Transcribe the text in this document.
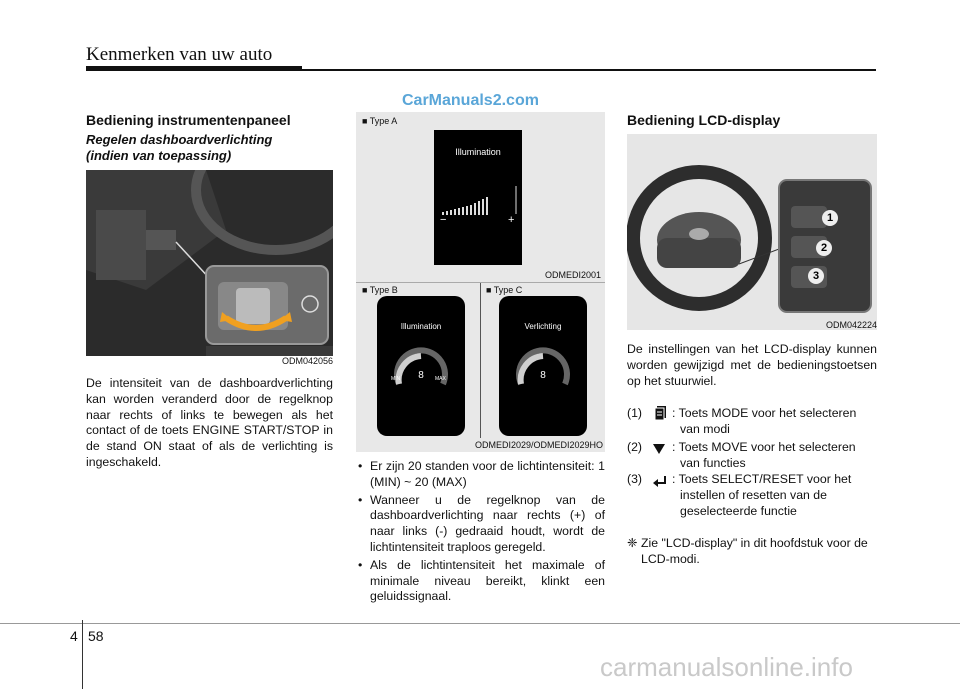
Kenmerken van uw auto
CarManuals2.com
Bediening instrumentenpaneel
Regelen dashboardverlichting
(indien van toepassing)
ODM042056
De intensiteit van de dashboardverlichting kan worden veranderd door de regelknop naar rechts of links te bewegen als het contact of de toets ENGINE START/STOP in de stand ON staat of als de verlichting is ingeschakeld.
■ Type A
Illumination
−	+
ODMEDI2001
■ Type B
Illumination
8
MIN	MAX
■ Type C
Verlichting
8
ODMEDI2029/ODMEDI2029HO
• Er zijn 20 standen voor de lichtintensiteit: 1 (MIN) ~ 20 (MAX)
• Wanneer u de regelknop van de dashboardverlichting naar rechts (+) of naar links (-) gedraaid houdt, wordt de lichtintensiteit traploos geregeld.
• Als de lichtintensiteit het maximale of minimale niveau bereikt, klinkt een geluidssignaal.
Bediening LCD-display
1
2
3
ODM042224
De instellingen van het LCD-display kunnen worden gewijzigd met de bedieningstoetsen op het stuurwiel.
(1) : Toets MODE voor het selecteren
van modi
(2) : Toets MOVE voor het selecteren
van functies
(3) : Toets SELECT/RESET voor het
instellen of resetten van de
geselecteerde functie
❈ Zie "LCD-display" in dit hoofdstuk voor de LCD-modi.
4 58
carmanualsonline.info
